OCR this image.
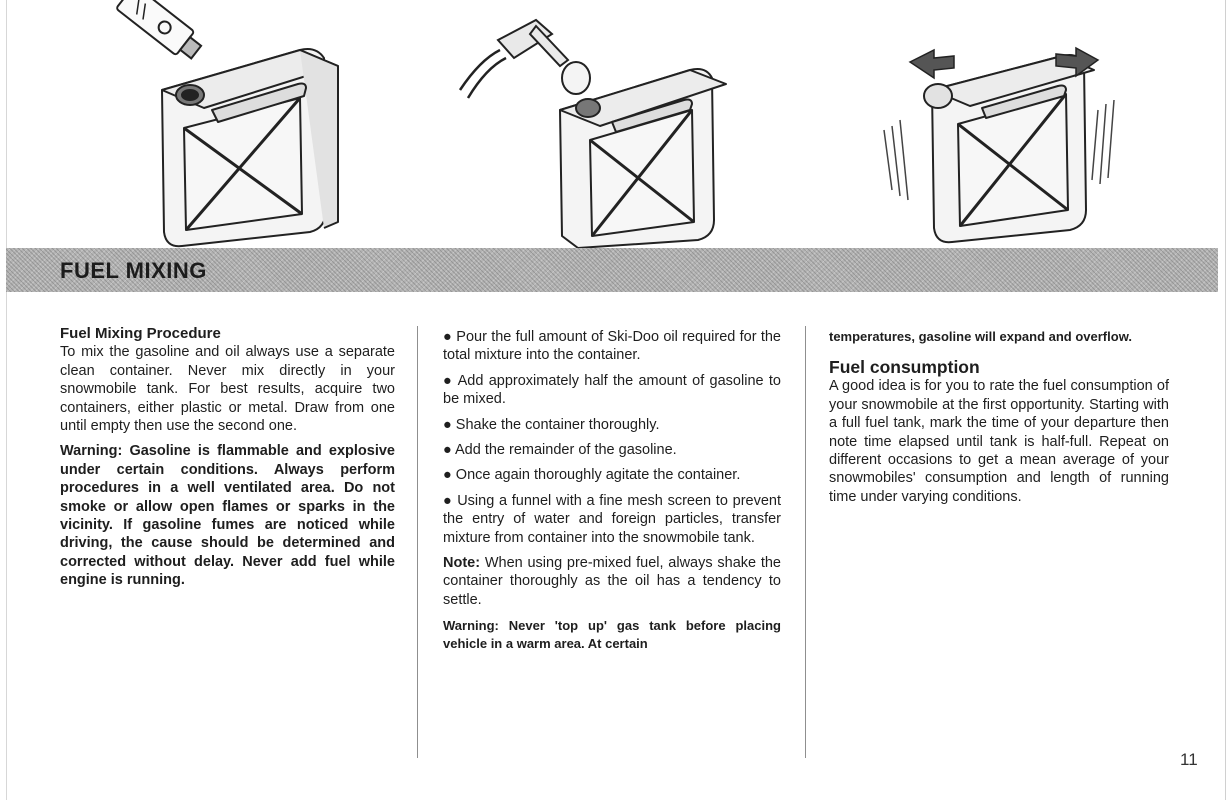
FUEL MIXING

Fuel Mixing Procedure

To mix the gasoline and oil always use a separate clean container. Never mix directly in your snowmobile tank. For best results, acquire two containers, either plastic or metal. Draw from one until empty then use the second one.

Warning: Gasoline is flammable and explosive under certain conditions. Always perform procedures in a well ventilated area. Do not smoke or allow open flames or sparks in the vicinity. If gasoline fumes are noticed while driving, the cause should be determined and corrected without delay. Never add fuel while engine is running.

● Pour the full amount of Ski-Doo oil required for the total mixture into the container.

● Add approximately half the amount of gasoline to be mixed.

● Shake the container thoroughly.

● Add the remainder of the gasoline.

● Once again thoroughly agitate the container.

● Using a funnel with a fine mesh screen to prevent the entry of water and foreign particles, transfer mixture from container into the snowmobile tank.

Note: When using pre-mixed fuel, always shake the container thoroughly as the oil has a tendency to settle.

Warning: Never 'top up' gas tank before placing vehicle in a warm area. At certain

temperatures, gasoline will expand and overflow.

Fuel consumption

A good idea is for you to rate the fuel consumption of your snowmobile at the first opportunity. Starting with a full fuel tank, mark the time of your departure then note time elapsed until tank is half-full. Repeat on different occasions to get a mean average of your snowmobiles' consumption and length of running time under varying conditions.

11
